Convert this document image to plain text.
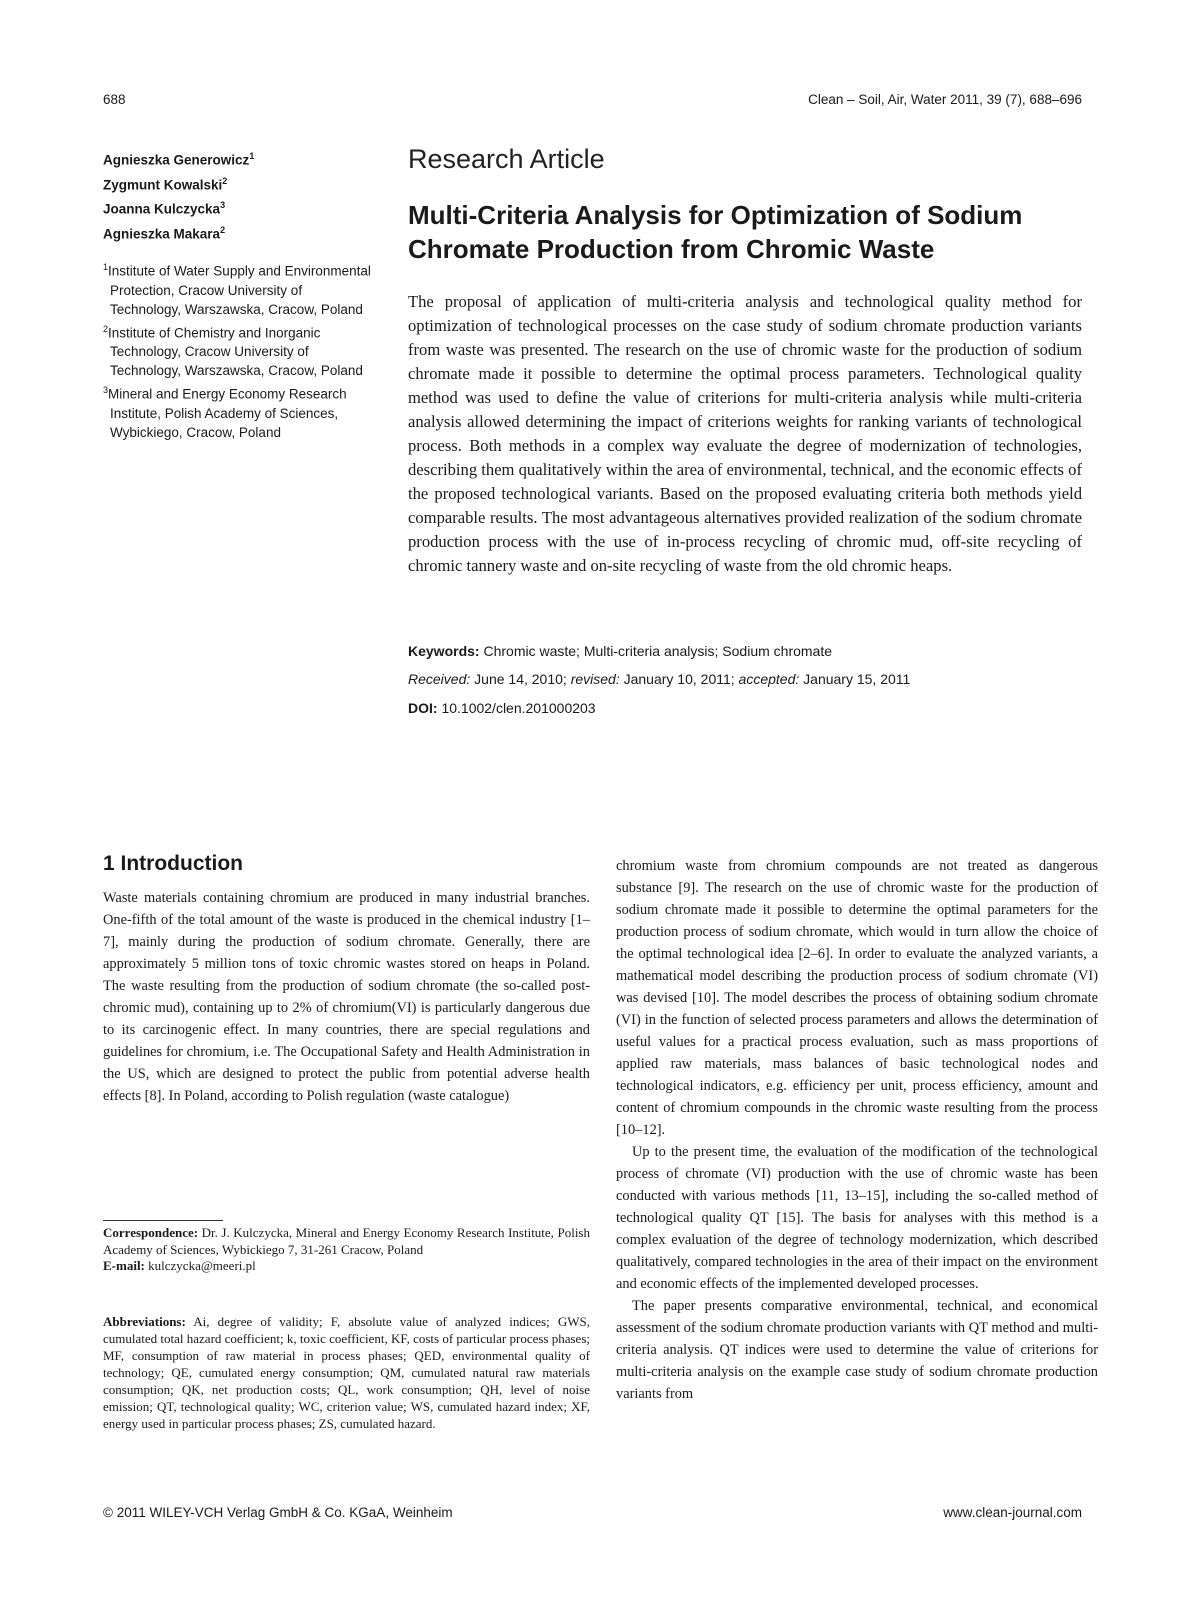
688	Clean – Soil, Air, Water 2011, 39 (7), 688–696
Agnieszka Generowicz$^1$
Zygmunt Kowalski$^2$
Joanna Kulczycka$^3$
Agnieszka Makara$^2$
$^1$Institute of Water Supply and Environmental Protection, Cracow University of Technology, Warszawska, Cracow, Poland
$^2$Institute of Chemistry and Inorganic Technology, Cracow University of Technology, Warszawska, Cracow, Poland
$^3$Mineral and Energy Economy Research Institute, Polish Academy of Sciences, Wybickiego, Cracow, Poland
Research Article
Multi-Criteria Analysis for Optimization of Sodium Chromate Production from Chromic Waste

The proposal of application of multi-criteria analysis and technological quality method for optimization of technological processes on the case study of sodium chromate production variants from waste was presented. The research on the use of chromic waste for the production of sodium chromate made it possible to determine the optimal process parameters. Technological quality method was used to define the value of criterions for multi-criteria analysis while multi-criteria analysis allowed determining the impact of criterions weights for ranking variants of technological process. Both methods in a complex way evaluate the degree of modernization of technologies, describing them qualitatively within the area of environmental, technical, and the economic effects of the proposed technological variants. Based on the proposed evaluating criteria both methods yield comparable results. The most advantageous alternatives provided realization of the sodium chromate production process with the use of in-process recycling of chromic mud, off-site recycling of chromic tannery waste and on-site recycling of waste from the old chromic heaps.

Keywords: Chromic waste; Multi-criteria analysis; Sodium chromate
Received: June 14, 2010; revised: January 10, 2011; accepted: January 15, 2011
DOI: 10.1002/clen.201000203
1 Introduction

Waste materials containing chromium are produced in many industrial branches. One-fifth of the total amount of the waste is produced in the chemical industry [1–7], mainly during the production of sodium chromate. Generally, there are approximately 5 million tons of toxic chromic wastes stored on heaps in Poland. The waste resulting from the production of sodium chromate (the so-called post-chromic mud), containing up to 2% of chromium(VI) is particularly dangerous due to its carcinogenic effect. In many countries, there are special regulations and guidelines for chromium, i.e. The Occupational Safety and Health Administration in the US, which are designed to protect the public from potential adverse health effects [8]. In Poland, according to Polish regulation (waste catalogue)

Correspondence: Dr. J. Kulczycka, Mineral and Energy Economy Research Institute, Polish Academy of Sciences, Wybickiego 7, 31-261 Cracow, Poland
E-mail: kulczycka@meeri.pl

Abbreviations: Ai, degree of validity; F, absolute value of analyzed indices; GWS, cumulated total hazard coefficient; k, toxic coefficient, KF, costs of particular process phases; MF, consumption of raw material in process phases; QED, environmental quality of technology; QE, cumulated energy consumption; QM, cumulated natural raw materials consumption; QK, net production costs; QL, work consumption; QH, level of noise emission; QT, technological quality; WC, criterion value; WS, cumulated hazard index; XF, energy used in particular process phases; ZS, cumulated hazard.

chromium waste from chromium compounds are not treated as dangerous substance [9]. The research on the use of chromic waste for the production of sodium chromate made it possible to determine the optimal parameters for the production process of sodium chromate, which would in turn allow the choice of the optimal technological idea [2–6]. In order to evaluate the analyzed variants, a mathematical model describing the production process of sodium chromate (VI) was devised [10]. The model describes the process of obtaining sodium chromate (VI) in the function of selected process parameters and allows the determination of useful values for a practical process evaluation, such as mass proportions of applied raw materials, mass balances of basic technological nodes and technological indicators, e.g. efficiency per unit, process efficiency, amount and content of chromium compounds in the chromic waste resulting from the process [10–12].

Up to the present time, the evaluation of the modification of the technological process of chromate (VI) production with the use of chromic waste has been conducted with various methods [11, 13–15], including the so-called method of technological quality QT [15]. The basis for analyses with this method is a complex evaluation of the degree of technology modernization, which described qualitatively, compared technologies in the area of their impact on the environment and economic effects of the implemented developed processes.

The paper presents comparative environmental, technical, and economical assessment of the sodium chromate production variants with QT method and multi-criteria analysis. QT indices were used to determine the value of criterions for multi-criteria analysis on the example case study of sodium chromate production variants from

© 2011 WILEY-VCH Verlag GmbH & Co. KGaA, Weinheim	www.clean-journal.com
